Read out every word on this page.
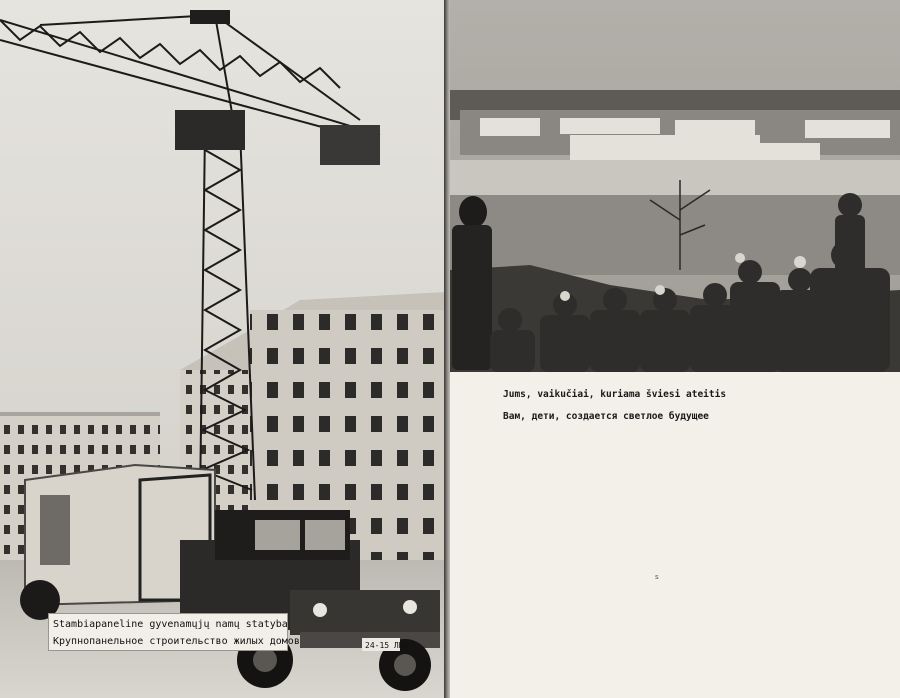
24-15 ЛИБ
Stambiapaneline gyvenamųjų namų statyba
Крупнопанельное строительство жилых домов
Jums, vaikučiai, kuriama šviesi ateitis
Вам, дети, создается светлое будущее
s
